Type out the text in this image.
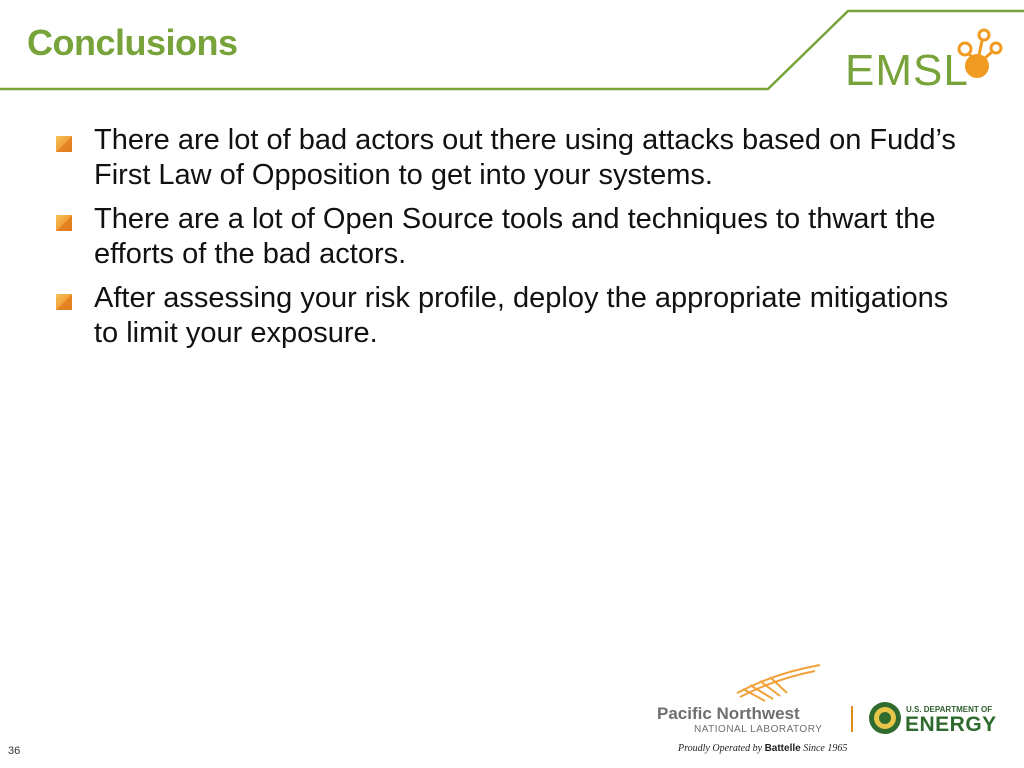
Conclusions
EMSL
There are lot of bad actors out there using attacks based on Fudd’s First Law of Opposition to get into your systems.
There are a lot of Open Source tools and techniques to thwart the efforts of the bad actors.
After assessing your risk profile, deploy the appropriate mitigations to limit your exposure.
Pacific Northwest
NATIONAL LABORATORY
U.S. DEPARTMENT OF
ENERGY
Proudly Operated by Battelle Since 1965
36
